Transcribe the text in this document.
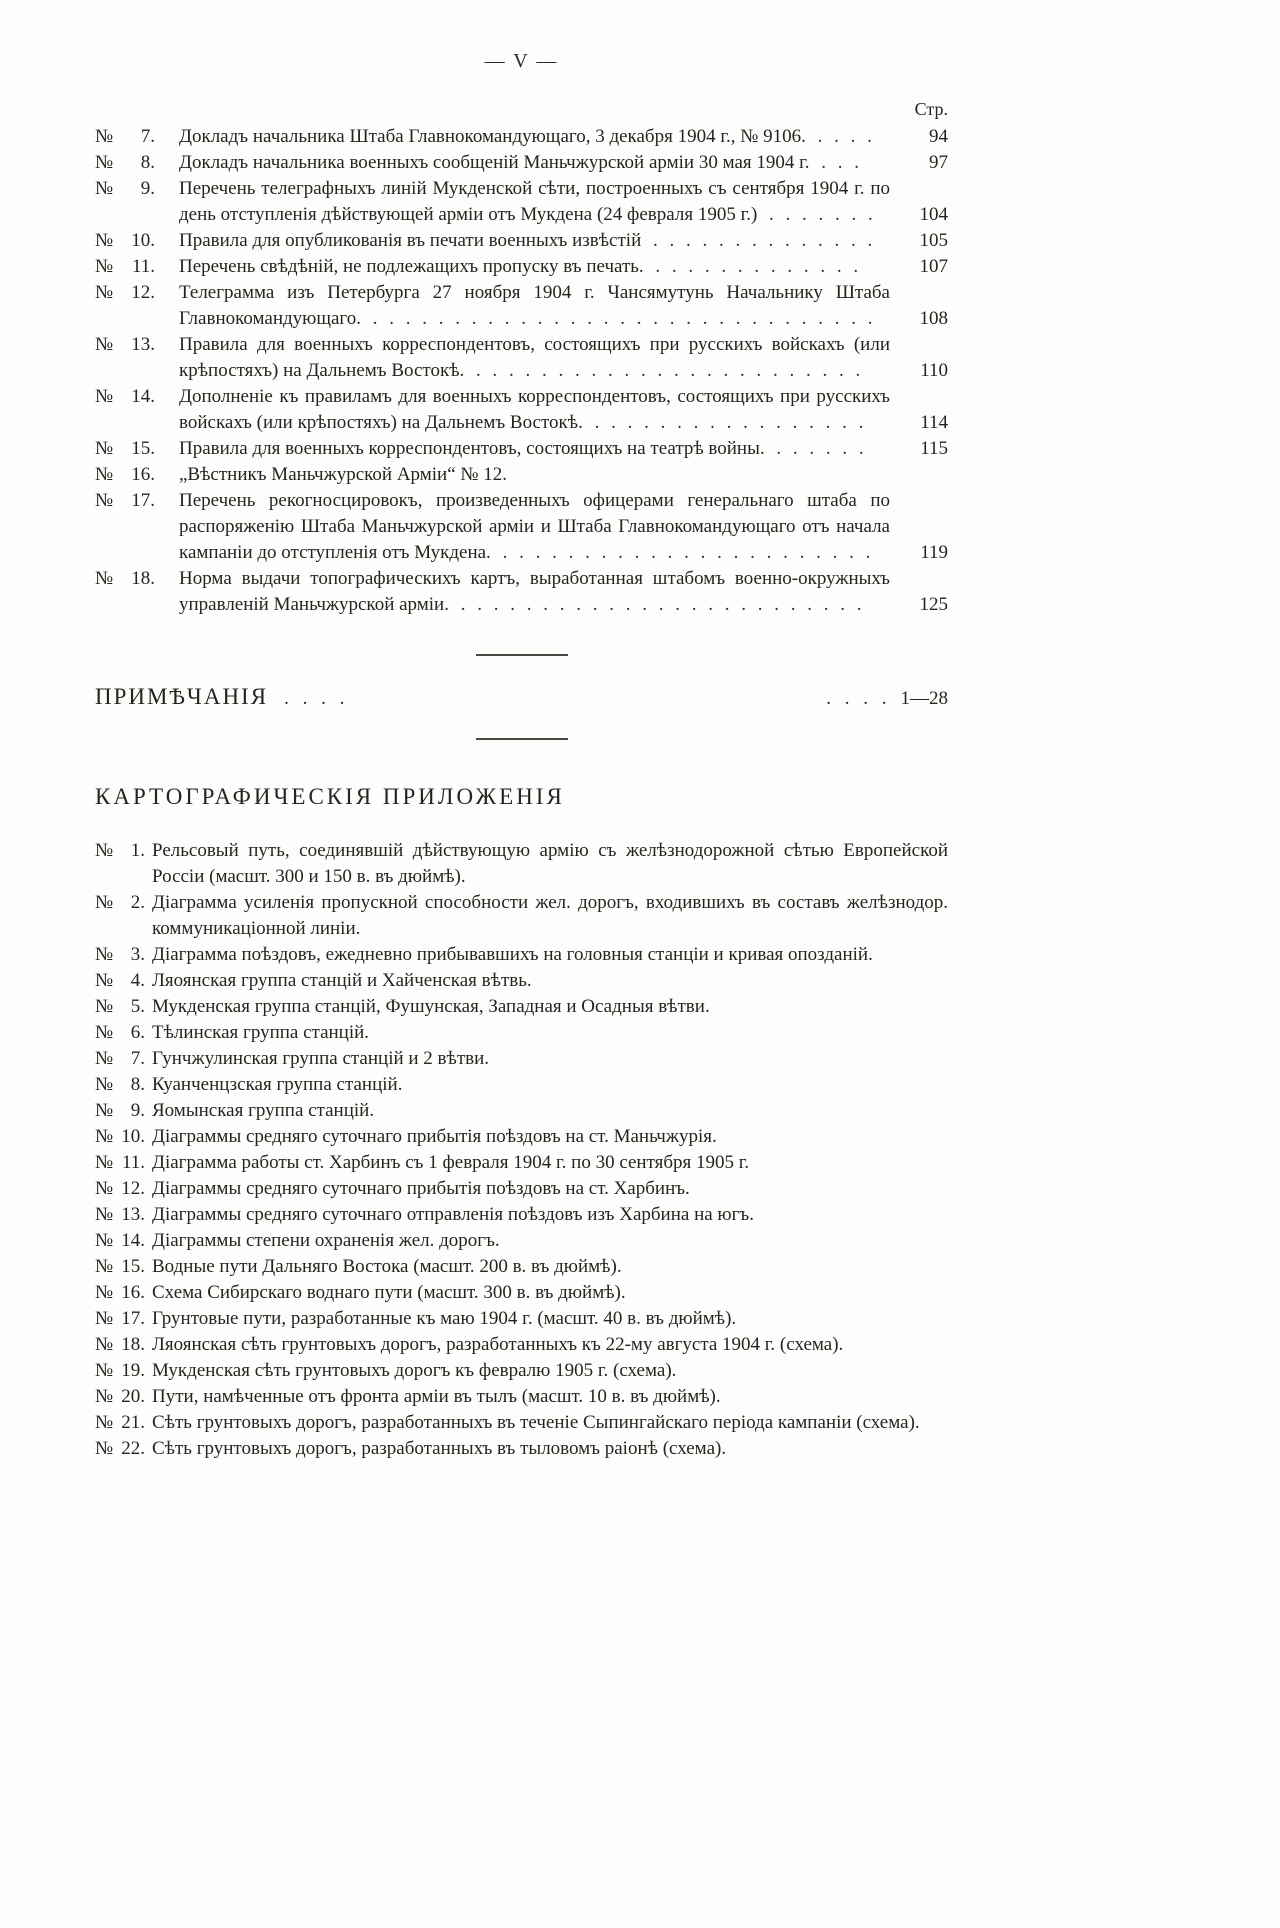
— V —
Стр.
№ 7. Докладъ начальника Штаба Главнокомандующаго, 3 декабря 1904 г., № 9106. . . . .	94
№ 8. Докладъ начальника военныхъ сообщеній Маньчжурской арміи 30 мая 1904 г. . . .	97
№ 9. Перечень телеграфныхъ линій Мукденской сѣти, построенныхъ съ сентября 1904 г. по день отступленія дѣйствующей арміи отъ Мукдена (24 февраля 1905 г.) . . . . . . .	104
№ 10. Правила для опубликованія въ печати военныхъ извѣстій . . . . . . . . . . . . . .	105
№ 11. Перечень свѣдѣній, не подлежащихъ пропуску въ печать. . . . . . . . . . . . . .	107
№ 12. Телеграмма изъ Петербурга 27 ноября 1904 г. Чансямутунь Начальнику Штаба Главнокомандующаго. . . . . . . . . . . . . . . . . . . . . . . . . . . . . . . .	108
№ 13. Правила для военныхъ корреспондентовъ, состоящихъ при русскихъ войскахъ (или крѣпостяхъ) на Дальнемъ Востокѣ. . . . . . . . . . . . . . . . . . . . . . . . .	110
№ 14. Дополненіе къ правиламъ для военныхъ корреспондентовъ, состоящихъ при русскихъ войскахъ (или крѣпостяхъ) на Дальнемъ Востокѣ. . . . . . . . . . . . . . . . . .	114
№ 15. Правила для военныхъ корреспондентовъ, состоящихъ на театрѣ войны. . . . . . .	115
№ 16. „Вѣстникъ Маньчжурской Арміи“ № 12.
№ 17. Перечень рекогносцировокъ, произведенныхъ офицерами генеральнаго штаба по распоряженію Штаба Маньчжурской арміи и Штаба Главнокомандующаго отъ начала кампаніи до отступленія отъ Мукдена. . . . . . . . . . . . . . . . . . . . . . . .	119
№ 18. Норма выдачи топографическихъ картъ, выработанная штабомъ военно-окружныхъ управленій Маньчжурской арміи. . . . . . . . . . . . . . . . . . . . . . . . . .	125
ПРИМѢЧАНІЯ . . . .	. . . . 1—28
КАРТОГРАФИЧЕСКІЯ ПРИЛОЖЕНІЯ
№ 1. Рельсовый путь, соединявшій дѣйствующую армію съ желѣзнодорожной сѣтью Европейской Россіи (масшт. 300 и 150 в. въ дюймѣ).
№ 2. Діаграмма усиленія пропускной способности жел. дорогъ, входившихъ въ составъ желѣзнодор. коммуникаціонной линіи.
№ 3. Діаграмма поѣздовъ, ежедневно прибывавшихъ на головныя станціи и кривая опозданій.
№ 4. Ляоянская группа станцій и Хайченская вѣтвь.
№ 5. Мукденская группа станцій, Фушунская, Западная и Осадныя вѣтви.
№ 6. Тѣлинская группа станцій.
№ 7. Гунчжулинская группа станцій и 2 вѣтви.
№ 8. Куанченцзская группа станцій.
№ 9. Яомынская группа станцій.
№ 10. Діаграммы средняго суточнаго прибытія поѣздовъ на ст. Маньчжурія.
№ 11. Діаграмма работы ст. Харбинъ съ 1 февраля 1904 г. по 30 сентября 1905 г.
№ 12. Діаграммы средняго суточнаго прибытія поѣздовъ на ст. Харбинъ.
№ 13. Діаграммы средняго суточнаго отправленія поѣздовъ изъ Харбина на югъ.
№ 14. Діаграммы степени охраненія жел. дорогъ.
№ 15. Водные пути Дальняго Востока (масшт. 200 в. въ дюймѣ).
№ 16. Схема Сибирскаго воднаго пути (масшт. 300 в. въ дюймѣ).
№ 17. Грунтовые пути, разработанные къ маю 1904 г. (масшт. 40 в. въ дюймѣ).
№ 18. Ляоянская сѣть грунтовыхъ дорогъ, разработанныхъ къ 22-му августа 1904 г. (схема).
№ 19. Мукденская сѣть грунтовыхъ дорогъ къ февралю 1905 г. (схема).
№ 20. Пути, намѣченные отъ фронта арміи въ тылъ (масшт. 10 в. въ дюймѣ).
№ 21. Сѣть грунтовыхъ дорогъ, разработанныхъ въ теченіе Сыпингайскаго періода кампаніи (схема).
№ 22. Сѣть грунтовыхъ дорогъ, разработанныхъ въ тыловомъ раіонѣ (схема).
